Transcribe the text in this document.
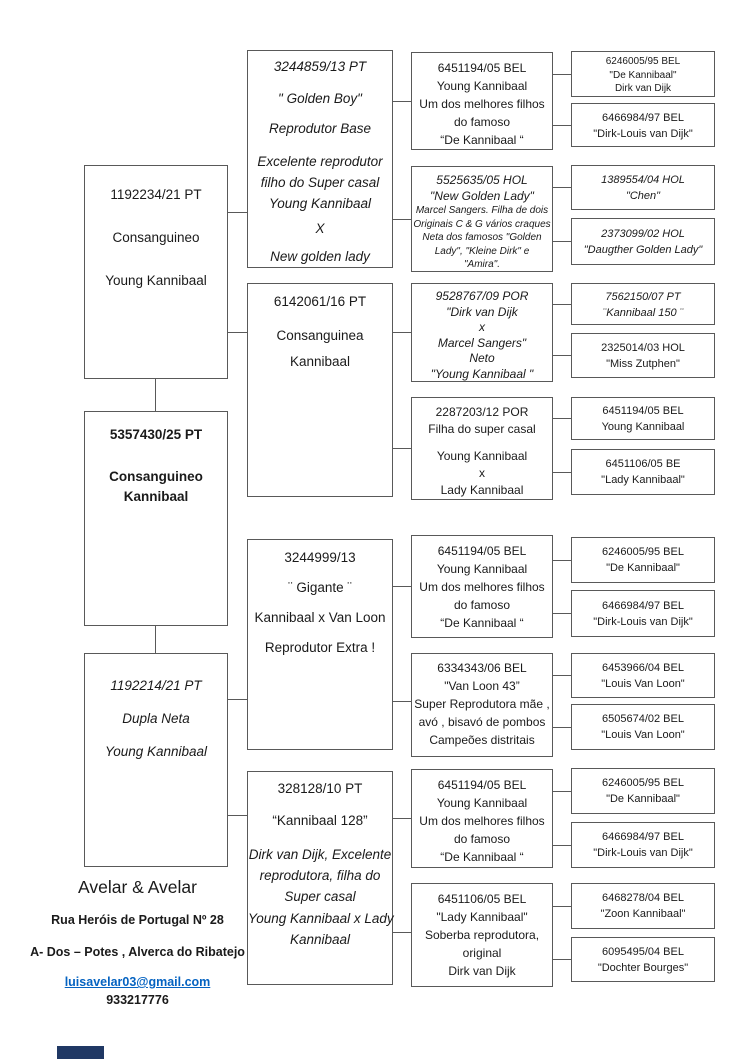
1192234/21 PT
Consanguineo
Young Kannibaal
5357430/25 PT
Consanguineo
Kannibaal
1192214/21 PT
Dupla Neta
Young Kannibaal
3244859/13 PT
" Golden Boy"
Reprodutor Base
Excelente reprodutor
filho do Super casal
Young Kannibaal
X
New golden lady
6142061/16 PT
Consanguinea
Kannibaal
3244999/13
¨ Gigante ¨
Kannibaal x Van Loon
Reprodutor Extra !
328128/10 PT
“Kannibaal 128”
Dirk van Dijk, Excelente
reprodutora, filha do
Super casal
Young Kannibaal x Lady
Kannibaal
6451194/05 BEL
Young Kannibaal
Um dos melhores filhos
do famoso
“De Kannibaal “
5525635/05 HOL
"New Golden Lady"
Marcel Sangers. Filha de dois
Originais C & G vários craques
Neta dos famosos "Golden
Lady", "Kleine Dirk" e
"Amira".
9528767/09 POR
"Dirk van Dijk
x
Marcel Sangers"
Neto
"Young Kannibaal "
2287203/12 POR
Filha do super casal
Young Kannibaal
x
Lady Kannibaal
6451194/05 BEL
Young Kannibaal
Um dos melhores filhos
do famoso
“De Kannibaal “
6334343/06 BEL
"Van Loon 43”
Super Reprodutora mãe ,
avó , bisavó de pombos
Campeões distritais
6451194/05 BEL
Young Kannibaal
Um dos melhores filhos
do famoso
“De Kannibaal “
6451106/05 BEL
"Lady Kannibaal"
Soberba reprodutora,
original
Dirk van Dijk
6246005/95 BEL
"De Kannibaal"
Dirk van Dijk
6466984/97 BEL
"Dirk-Louis van Dijk"
1389554/04 HOL
"Chen"
2373099/02 HOL
"Daugther Golden Lady"
7562150/07 PT
¨Kannibaal 150 ¨
2325014/03 HOL
"Miss Zutphen"
6451194/05 BEL
Young Kannibaal
6451106/05 BE
"Lady Kannibaal"
6246005/95 BEL
"De Kannibaal"
6466984/97 BEL
"Dirk-Louis van Dijk"
6453966/04 BEL
"Louis Van Loon"
6505674/02 BEL
"Louis Van Loon"
6246005/95 BEL
"De Kannibaal"
6466984/97 BEL
"Dirk-Louis van Dijk"
6468278/04 BEL
"Zoon Kannibaal"
6095495/04 BEL
"Dochter Bourges"
Avelar & Avelar
Rua Heróis de Portugal Nº 28
A- Dos – Potes , Alverca do Ribatejo
luisavelar03@gmail.com
933217776
